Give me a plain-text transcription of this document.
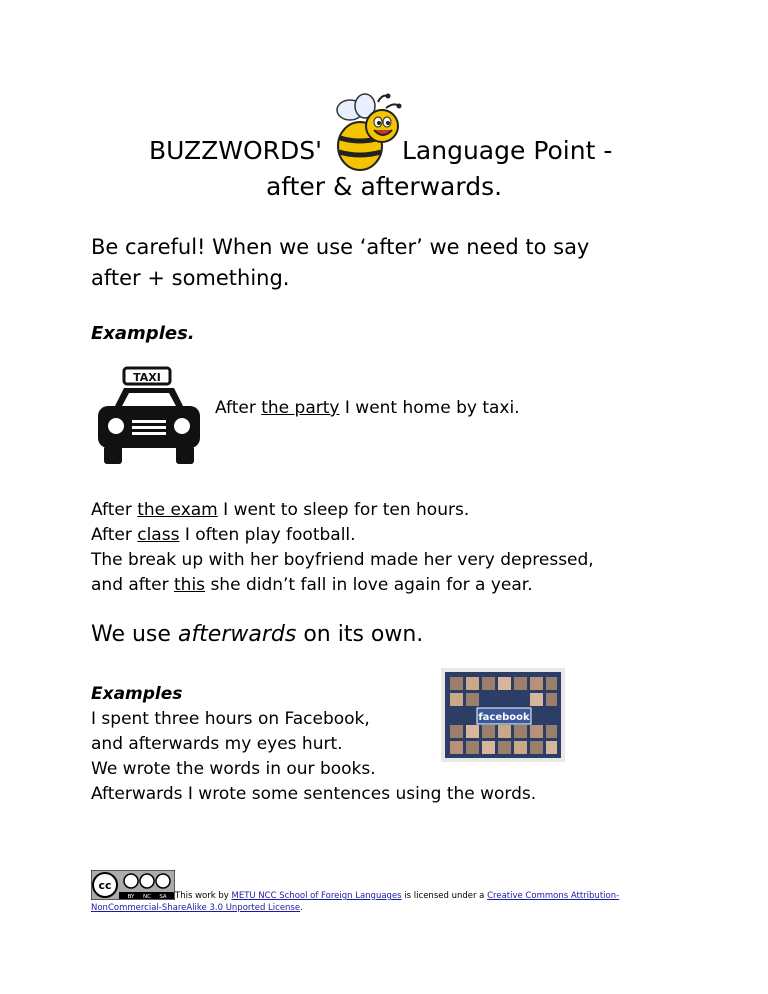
BUZZWORDS'	Language Point -
after & afterwards.
Be careful! When we use ‘after’ we need to say
after + something.
Examples.
TAXI
After the party I went home by taxi.
After the exam I went to sleep for ten hours.
After class I often play football.
The break up with her boyfriend made her very depressed,
and after this she didn’t fall in love again for a year.
We use afterwards on its own.
Examples
I spent three hours on Facebook,
and afterwards my eyes hurt.
We wrote the words in our books.
Afterwards I wrote some sentences using the words.
facebook
cc
BY NC SA This work by METU NCC School of Foreign Languages is licensed under a Creative Commons Attribution-
NonCommercial-ShareAlike 3.0 Unported License.
